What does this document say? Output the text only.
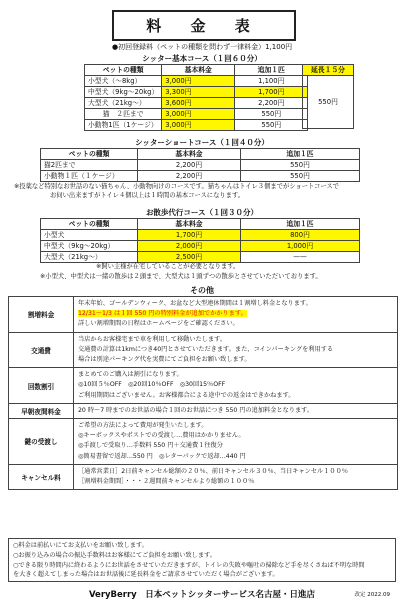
料 金 表
●初回登録料（ペットの種類を問わず一律料金）1,100円
シッター基本コース（１回６０分）
ペットの種類	基本料金	追加１匹
小型犬（〜8kg）	3,000円	1,100円
中型犬（9kg〜20kg）	3,300円	1,700円
大型犬（21kg〜）	3,600円	2,200円
猫　２匹まで	3,000円	550円
小動物1匹（1ケージ）	3,000円	550円
延長１５分
550円
シッターショートコース（１回４０分）
ペットの種類	基本料金	追加１匹
猫2匹まで	2,200円	550円
小動物１匹（１ケージ）	2,200円	550円
※投薬など特別なお世話のない猫ちゃん、小動物向けのコースです。猫ちゃんはトイレ３個までがショートコースで
お伺い出来ますがトイレ４個以上は１時間の基本コースになります。
お散歩代行コース（１回３０分）
ペットの種類	基本料金	追加１匹
小型犬	1,700円	800円
中型犬（9kg〜20kg）	2,000円	1,000円
大型犬（21kg〜）	2,500円	——
※飼い主様が在宅していることが必要となります。
※小型犬、中型犬は一緒の散歩は２頭まで、大型犬は１頭ずつの散歩とさせていただいております。
その他
割増料金
年末年始、ゴールデンウィーク、お盆など大型連休期間は１割増し料金となります。
12/31〜1/3 は１回 550 円の特別料金が追加でかかります。
詳しい割増期間の日程はホームページをご確認ください。
交通費
当店からお客様宅まで車を利用して移動いたします。
交通費の計算は1kmにつき40円とさせていただきます。また、コインパーキングを利用する
場合は別途パーキング代を実費にてご負担をお願い致します。
回数割引
まとめてのご購入は割引になります。
◎10回５％OFF　◎20回10％OFF　◎30回15％OFF
ご利用期間はございません。お客様都合による途中での返金はできかねます。
早朝夜間料金	20 時〜7 時までのお世話の場合１回のお世話につき 550 円の追加料金となります。
鍵の受渡し
ご希望の方法によって費用が発生いたします。
◎キーボックスやポストでの受渡し…費用はかかりません。
◎手渡しで受取り…手数料 550 円＋交通費１往復分
◎簡易書留で返却…550 円　◎レターパックで返却…440 円
キャンセル料
［通常営業日］2日前キャンセル総額の２０％、前日キャンセル３０％、当日キャンセル１００％
［割増料金期間］・・・２週間前キャンセルより総額の１００％
○料金は前払いにてお支払いをお願い致します。
○お振り込みの場合の振込手数料はお客様にてご負担をお願い致します。
○できる限り時間内に終わるようにお世話をさせていただきますが、トイレの失敗や嘔吐の掃除など手を尽くさねば不明な時間
を大きく超えてしまった場合はお世話後に延長料金をご請求させていただく場合がございます。
VeryBerry　日本ペットシッターサービス名古屋・日進店	改定 2022.09
